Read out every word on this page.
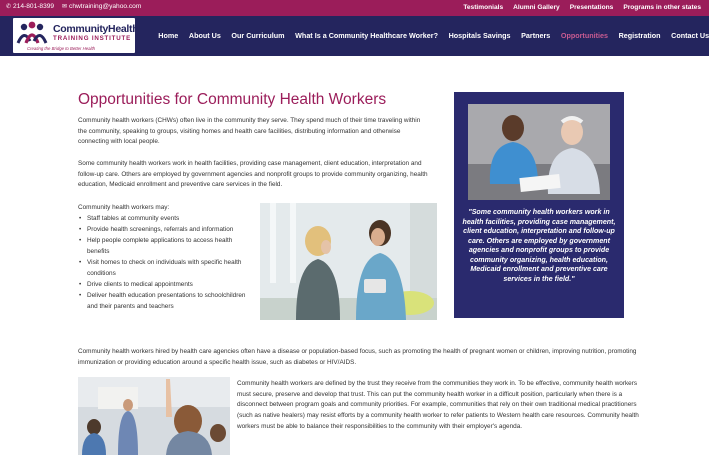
✆ 214-801-8399 ✉ chwtraining@yahoo.com	Testimonials Alumni Gallery Presentations Programs in other states
CommunityHealth
TRAINING INSTITUTE
Creating the Bridge to Better Health
Home	About Us	Our Curriculum	What Is a Community Healthcare Worker?	Hospitals Savings	Partners	Opportunities	Registration	Contact Us
Opportunities for Community Health Workers

Community health workers (CHWs) often live in the community they serve. They spend much of their time traveling within the community, speaking to groups, visiting homes and health care facilities, distributing information and otherwise connecting with local people.

Some community health workers work in health facilities, providing case management, client education, interpretation and follow-up care. Others are employed by government agencies and nonprofit groups to provide community organizing, health education, Medicaid enrollment and preventive care services in the field.

Community health workers may:

• Staff tables at community events
• Provide health screenings, referrals and information
• Help people complete applications to access health benefits
• Visit homes to check on individuals with specific health conditions
• Drive clients to medical appointments
• Deliver health education presentations to schoolchildren and their parents and teachers

"Some community health workers work in health facilities, providing case management, client education, interpretation and follow-up care. Others are employed by government agencies and nonprofit groups to provide community organizing, health education, Medicaid enrollment and preventive care services in the field."

Community health workers hired by health care agencies often have a disease or population-based focus, such as promoting the health of pregnant women or children, improving nutrition, promoting immunization or providing education around a specific health issue, such as diabetes or HIV/AIDS.

Community health workers are defined by the trust they receive from the communities they work in. To be effective, community health workers must secure, preserve and develop that trust. This can put the community health worker in a difficult position, particularly when there is a disconnect between program goals and community priorities. For example, communities that rely on their own traditional medical practitioners (such as native healers) may resist efforts by a community health worker to refer patients to Western health care resources. Community health workers must be able to balance their responsibilities to the community with their employer's agenda.
